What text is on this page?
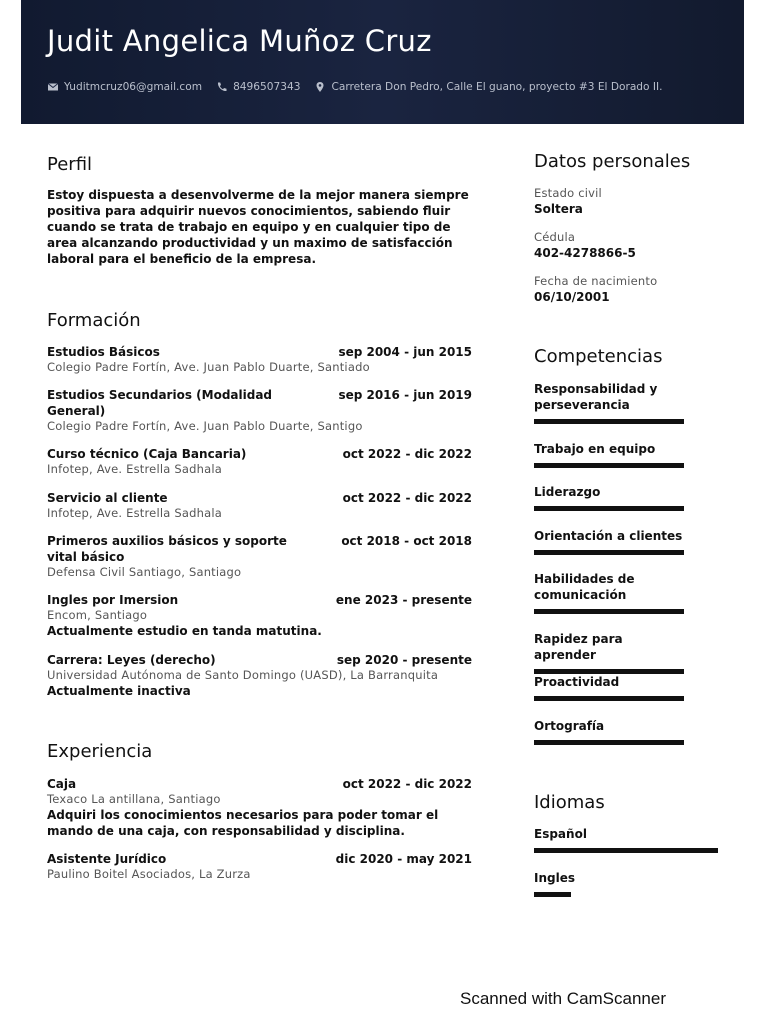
Judit Angelica Muñoz Cruz
Yuditmcruz06@gmail.com	8496507343	Carretera Don Pedro, Calle El guano, proyecto #3 El Dorado II.
Perfil
Estoy dispuesta a desenvolverme de la mejor manera siempre positiva para adquirir nuevos conocimientos, sabiendo fluir cuando se trata de trabajo en equipo y en cualquier tipo de area alcanzando productividad y un maximo de satisfacción laboral para el beneficio de la empresa.
Formación
Estudios Básicos	sep 2004 - jun 2015
Colegio Padre Fortín, Ave. Juan Pablo Duarte, Santiado
Estudios Secundarios (Modalidad General)
sep 2016 - jun 2019
Colegio Padre Fortín, Ave. Juan Pablo Duarte, Santigo
Curso técnico (Caja Bancaria)	oct 2022 - dic 2022
Infotep, Ave. Estrella Sadhala
Servicio al cliente	oct 2022 - dic 2022
Infotep, Ave. Estrella Sadhala
Primeros auxilios básicos y soporte vital básico
oct 2018 - oct 2018
Defensa Civil Santiago, Santiago
Ingles por Imersion	ene 2023 - presente
Encom, Santiago
Actualmente estudio en tanda matutina.
Carrera: Leyes (derecho)	sep 2020 - presente
Universidad Autónoma de Santo Domingo (UASD), La Barranquita
Actualmente inactiva
Experiencia
Caja	oct 2022 - dic 2022
Texaco La antillana, Santiago
Adquiri los conocimientos necesarios para poder tomar el mando de una caja, con responsabilidad y disciplina.
Asistente Jurídico	dic 2020 - may 2021
Paulino Boitel Asociados, La Zurza
Datos personales
Estado civil
Soltera
Cédula
402-4278866-5
Fecha de nacimiento
06/10/2001
Competencias
Responsabilidad y perseverancia
Trabajo en equipo
Liderazgo
Orientación a clientes
Habilidades de comunicación
Rapidez para aprender
Proactividad
Ortografía
Idiomas
Español
Ingles
Scanned with CamScanner
